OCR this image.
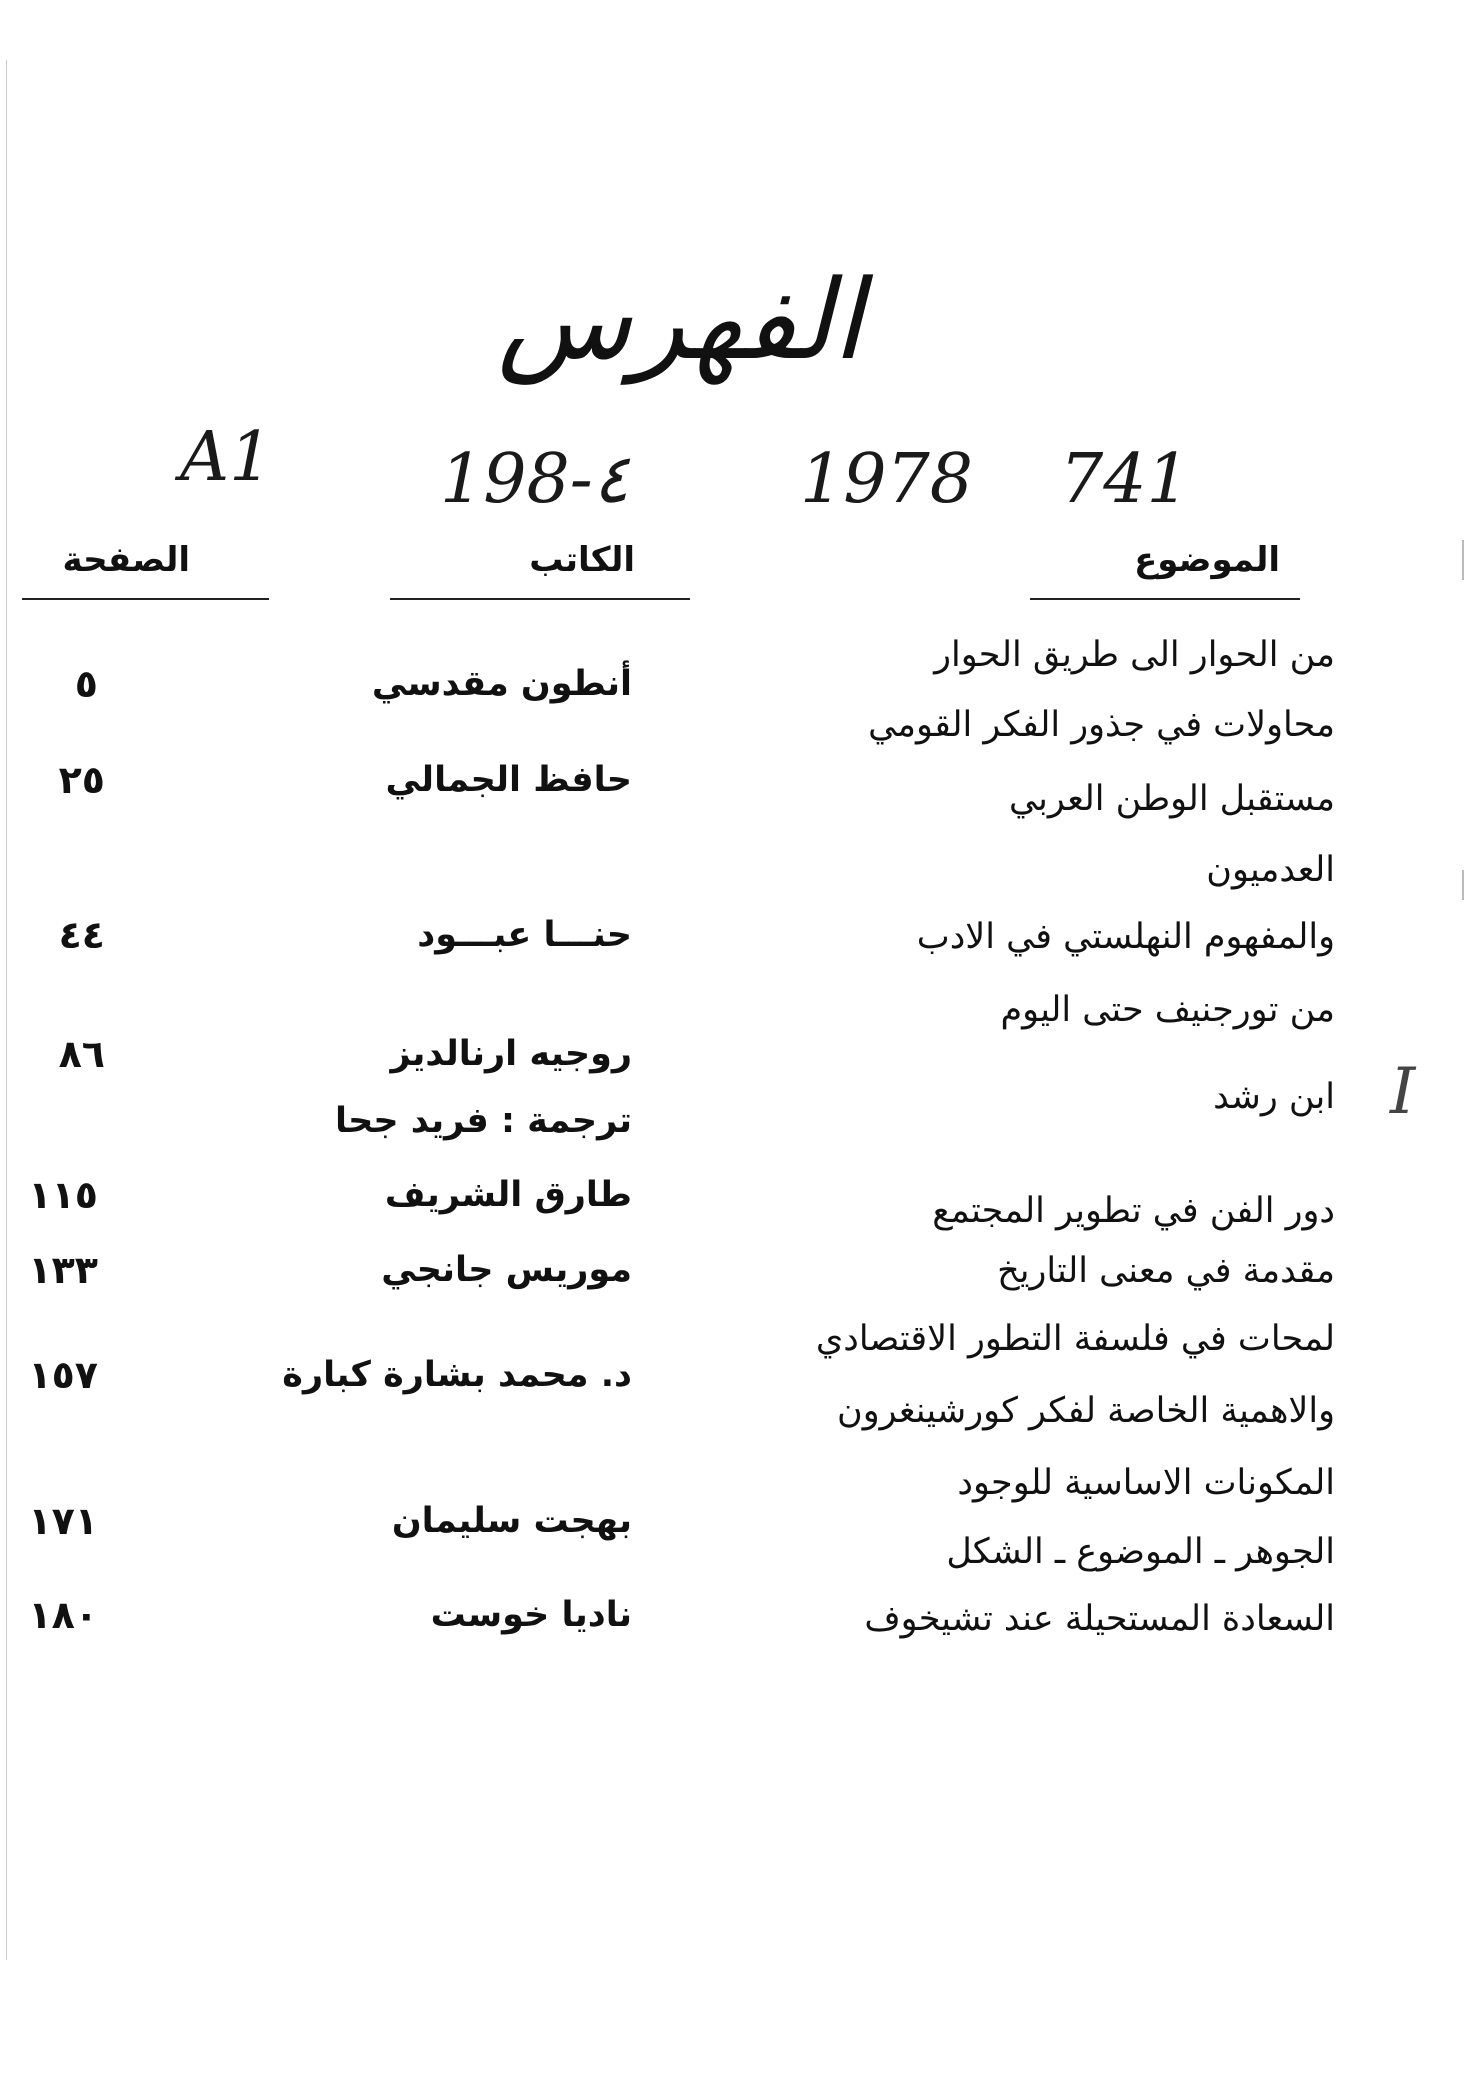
الفهرس
A1 198-٤	1978 741
الموضوع
الكاتب
الصفحة
من الحوار الى طريق الحوار
محاولات في جذور الفكر القومي
مستقبل الوطن العربي
العدميون
والمفهوم النهلستي في الادب
من تورجنيف حتى اليوم
ابن رشد
دور الفن في تطوير المجتمع
مقدمة في معنى التاريخ
لمحات في فلسفة التطور الاقتصادي
والاهمية الخاصة لفكر كورشينغرون
المكونات الاساسية للوجود
الجوهر ـ الموضوع ـ الشكل
السعادة المستحيلة عند تشيخوف
أنطون مقدسي
حافظ الجمالي
حنـــا عبـــود
روجيه ارنالديز
ترجمة : فريد جحا
طارق الشريف
موريس جانجي
د. محمد بشارة كبارة
بهجت سليمان
ناديا خوست
٥
٢٥
٤٤
٨٦
١١٥
١٣٣
١٥٧
١٧١
١٨٠
I
